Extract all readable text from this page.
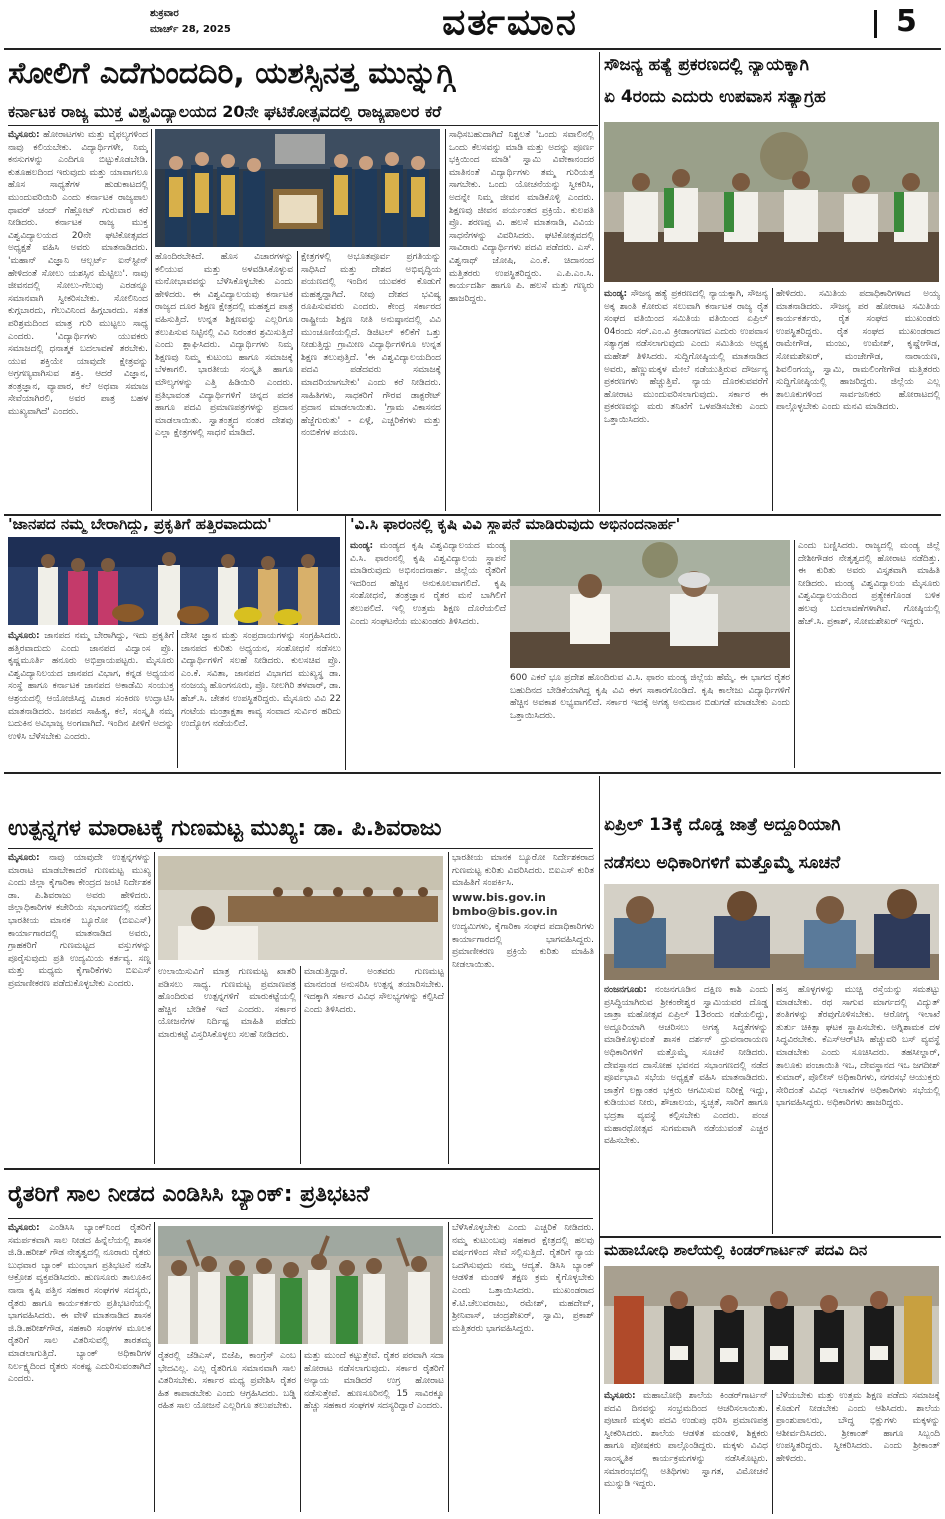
ಶುಕ್ರವಾರ
ಮಾರ್ಚ್ 28, 2025	ವರ್ತಮಾನ	5
ಸೋಲಿಗೆ ಎದೆಗುಂದದಿರಿ, ಯಶಸ್ಸಿನತ್ತ ಮುನ್ನುಗ್ಗಿ
ಕರ್ನಾಟಕ ರಾಜ್ಯ ಮುಕ್ತ ವಿಶ್ವವಿದ್ಯಾಲಯದ 20ನೇ ಘಟಿಕೋತ್ಸವದಲ್ಲಿ ರಾಜ್ಯಪಾಲರ ಕರೆ
ಮೈಸೂರು: ಹೋರಾಟಗಳು ಮತ್ತು ವೈಫಲ್ಯಗಳಿಂದ ನಾವು ಕಲಿಯಬೇಕು. ವಿದ್ಯಾರ್ಥಿಗಳೇ, ನಿಮ್ಮ ಕನಸುಗಳನ್ನು ಎಂದಿಗೂ ಬಿಟ್ಟುಕೊಡಬೇಡಿ. ಕುತೂಹಲದಿಂದ ಇರುವುದು ಮತ್ತು ಯಾವಾಗಲೂ ಹೊಸ ಸಾಧ್ಯತೆಗಳ ಹುಡುಕಾಟದಲ್ಲಿ ಮುಂದುವರಿಯಿರಿ ಎಂದು ಕರ್ನಾಟಕ ರಾಜ್ಯಪಾಲ ಥಾವರ್ ಚಂದ್ ಗೆಹ್ಲೋಟ್ ಗುರುವಾರ ಕರೆ ನೀಡಿದರು. ಕರ್ನಾಟಕ ರಾಜ್ಯ ಮುಕ್ತ ವಿಶ್ವವಿದ್ಯಾಲಯದ 20ನೇ ಘಟಿಕೋತ್ಸವದ ಅಧ್ಯಕ್ಷತೆ ವಹಿಸಿ ಅವರು ಮಾತನಾಡಿದರು. 'ಮಹಾನ್ ವಿಜ್ಞಾನಿ ಆಲ್ಬರ್ಟ್ ಐನ್‌ಸ್ಟೀನ್ ಹೇಳಿದಂತೆ ಸೋಲು ಯಶಸ್ಸಿನ ಮೆಟ್ಟಿಲು'. ನಾವು ಜೀವನದಲ್ಲಿ ಸೋಲು-ಗೆಲುವು ಎರಡನ್ನೂ ಸಮಾನವಾಗಿ ಸ್ವೀಕರಿಸಬೇಕು. ಸೋಲಿನಿಂದ ಕುಗ್ಗಬಾರದು, ಗೆಲುವಿನಿಂದ ಹಿಗ್ಗಬಾರದು. ಸತತ ಪರಿಶ್ರಮದಿಂದ ಮಾತ್ರ ಗುರಿ ಮುಟ್ಟಲು ಸಾಧ್ಯ ಎಂದರು. 'ವಿದ್ಯಾರ್ಥಿಗಳು ಯುವಕರು ಸಮಾಜದಲ್ಲಿ ಧನಾತ್ಮಕ ಬದಲಾವಣೆ ತರಬೇಕು. ಯುವ ಶಕ್ತಿಯೇ ಯಾವುದೇ ಕ್ಷೇತ್ರವನ್ನು ಅಗ್ರಗಣ್ಯವಾಗಿಸುವ ಶಕ್ತಿ. ಆದರೆ ವಿಜ್ಞಾನ, ತಂತ್ರಜ್ಞಾನ, ವ್ಯಾಪಾರ, ಕಲೆ ಅಥವಾ ಸಮಾಜ ಸೇವೆಯಾಗಿರಲಿ, ಅವರ ಪಾತ್ರ ಬಹಳ ಮುಖ್ಯವಾಗಿದೆ' ಎಂದರು.
ಹೊಂದಿರಬೇಕಿದೆ. ಹೊಸ ವಿಚಾರಗಳನ್ನು ಕಲಿಯುವ ಮತ್ತು ಅಳವಡಿಸಿಕೊಳ್ಳುವ ಮನೋಭಾವವನ್ನು ಬೆಳೆಸಿಕೊಳ್ಳಬೇಕು ಎಂದು ಹೇಳಿದರು. ಈ ವಿಶ್ವವಿದ್ಯಾಲಯವು ಕರ್ನಾಟಕ ರಾಜ್ಯದ ದೂರ ಶಿಕ್ಷಣ ಕ್ಷೇತ್ರದಲ್ಲಿ ಮಹತ್ವದ ಪಾತ್ರ ವಹಿಸುತ್ತಿದೆ. ಉನ್ನತ ಶಿಕ್ಷಣವನ್ನು ಎಲ್ಲರಿಗೂ ತಲುಪಿಸುವ ನಿಟ್ಟಿನಲ್ಲಿ ವಿವಿ ನಿರಂತರ ಶ್ರಮಿಸುತ್ತಿದೆ ಎಂದು ಶ್ಲಾಘಿಸಿದರು. ವಿದ್ಯಾರ್ಥಿಗಳು ನಿಮ್ಮ ಶಿಕ್ಷಣವು ನಿಮ್ಮ ಕುಟುಂಬ ಹಾಗೂ ಸಮಾಜಕ್ಕೆ ಬೆಳಕಾಗಲಿ. ಭಾರತೀಯ ಸಂಸ್ಕೃತಿ ಹಾಗೂ ಮೌಲ್ಯಗಳನ್ನು ಎತ್ತಿ ಹಿಡಿಯಿರಿ ಎಂದರು. ಪ್ರತಿಭಾವಂತ ವಿದ್ಯಾರ್ಥಿಗಳಿಗೆ ಚಿನ್ನದ ಪದಕ ಹಾಗೂ ಪದವಿ ಪ್ರಮಾಣಪತ್ರಗಳನ್ನು ಪ್ರದಾನ ಮಾಡಲಾಯಿತು. ಸ್ವಾತಂತ್ರ್ಯದ ನಂತರ ದೇಶವು ಎಲ್ಲಾ ಕ್ಷೇತ್ರಗಳಲ್ಲಿ ಸಾಧನೆ ಮಾಡಿದೆ.
ಕ್ಷೇತ್ರಗಳಲ್ಲಿ ಅಭೂತಪೂರ್ವ ಪ್ರಗತಿಯನ್ನು ಸಾಧಿಸಿದೆ ಮತ್ತು ದೇಶದ ಅಭಿವೃದ್ಧಿಯ ಪಯಣದಲ್ಲಿ ಇಂದಿನ ಯುವಕರ ಕೊಡುಗೆ ಮಹತ್ವದ್ದಾಗಿದೆ. ನೀವು ದೇಶದ ಭವಿಷ್ಯ ರೂಪಿಸುವವರು ಎಂದರು. ಕೇಂದ್ರ ಸರ್ಕಾರದ ರಾಷ್ಟ್ರೀಯ ಶಿಕ್ಷಣ ನೀತಿ ಅನುಷ್ಠಾನದಲ್ಲಿ ವಿವಿ ಮುಂಚೂಣಿಯಲ್ಲಿದೆ. ಡಿಜಿಟಲ್ ಕಲಿಕೆಗೆ ಒತ್ತು ನೀಡುತ್ತಿದ್ದು ಗ್ರಾಮೀಣ ವಿದ್ಯಾರ್ಥಿಗಳಿಗೂ ಉನ್ನತ ಶಿಕ್ಷಣ ತಲುಪುತ್ತಿದೆ. 'ಈ ವಿಶ್ವವಿದ್ಯಾಲಯದಿಂದ ಪದವಿ ಪಡೆದವರು ಸಮಾಜಕ್ಕೆ ಮಾದರಿಯಾಗಬೇಕು' ಎಂದು ಕರೆ ನೀಡಿದರು. ಸಾಹಿತಿಗಳು, ಸಾಧಕರಿಗೆ ಗೌರವ ಡಾಕ್ಟರೇಟ್ ಪ್ರದಾನ ಮಾಡಲಾಯಿತು. 'ಗ್ರಾಮ ವಿಕಾಸನದ ಹೆಜ್ಜೆಗುರುತು' - ಏಳ್ಗೆ, ಎಚ್ಚರಿಕೆಗಳು ಮತ್ತು ನಂಬಿಕೆಗಳ ಪಯಣ.
ಸಾಧಿಸಬಹುದಾಗಿದೆ ನಿಶ್ಚಲತೆ 'ಒಂದು ಸವಾಲಿನಲ್ಲಿ ಒಂದು ಕೆಲಸವನ್ನು ಮಾಡಿ ಮತ್ತು ಅದನ್ನು ಪೂರ್ಣ ಭಕ್ತಿಯಿಂದ ಮಾಡಿ' ಸ್ವಾಮಿ ವಿವೇಕಾನಂದರ ಮಾತಿನಂತೆ ವಿದ್ಯಾರ್ಥಿಗಳು ತಮ್ಮ ಗುರಿಯತ್ತ ಸಾಗಬೇಕು. ಒಂದು ಯೋಚನೆಯನ್ನು ಸ್ವೀಕರಿಸಿ, ಅದನ್ನೇ ನಿಮ್ಮ ಜೀವನ ಮಾಡಿಕೊಳ್ಳಿ ಎಂದರು. ಶಿಕ್ಷಣವು ಜೀವನ ಪರ್ಯಂತದ ಪ್ರಕ್ರಿಯೆ. ಕುಲಪತಿ ಪ್ರೊ. ಶರಣಪ್ಪ ವಿ. ಹಲಸೆ ಮಾತನಾಡಿ, ವಿವಿಯ ಸಾಧನೆಗಳನ್ನು ವಿವರಿಸಿದರು. ಘಟಿಕೋತ್ಸವದಲ್ಲಿ ಸಾವಿರಾರು ವಿದ್ಯಾರ್ಥಿಗಳು ಪದವಿ ಪಡೆದರು. ಎಸ್. ವಿಶ್ವನಾಥ್ ಜೋಷಿ, ಎಂ.ಕೆ. ಚಿದಾನಂದ ಮತ್ತಿತರರು ಉಪಸ್ಥಿತರಿದ್ದರು. ಎ.ಪಿ.ಎಂ.ಸಿ. ಕಾರ್ಯದರ್ಶಿ ಹಾಗೂ ಪಿ. ಹಲಸೆ ಮತ್ತು ಗಣ್ಯರು ಹಾಜರಿದ್ದರು.
ಸೌಜನ್ಯ ಹತ್ಯೆ ಪ್ರಕರಣದಲ್ಲಿ ನ್ಯಾಯಕ್ಕಾಗಿ
ಏ 4ರಂದು ಎದುರು ಉಪವಾಸ ಸತ್ಯಾಗ್ರಹ
ಮಂಡ್ಯ: ಸೌಜನ್ಯ ಹತ್ಯೆ ಪ್ರಕರಣದಲ್ಲಿ ನ್ಯಾಯಕ್ಕಾಗಿ, ಸೌಜನ್ಯ ಅಕ್ಕ ಶಾಂತಿ ಕೋರುವ ಸಲುವಾಗಿ ಕರ್ನಾಟಕ ರಾಜ್ಯ ರೈತ ಸಂಘದ ವತಿಯಿಂದ ಸಮಿತಿಯ ವತಿಯಿಂದ ಏಪ್ರಿಲ್ 04ರಂದು ಸರ್.ಎಂ.ವಿ ಕ್ರೀಡಾಂಗಣದ ಎದುರು ಉಪವಾಸ ಸತ್ಯಾಗ್ರಹ ನಡೆಸಲಾಗುವುದು ಎಂದು ಸಮಿತಿಯ ಅಧ್ಯಕ್ಷ ಮಹೇಶ್ ತಿಳಿಸಿದರು. ಸುದ್ದಿಗೋಷ್ಠಿಯಲ್ಲಿ ಮಾತನಾಡಿದ ಅವರು, ಹೆಣ್ಣುಮಕ್ಕಳ ಮೇಲೆ ನಡೆಯುತ್ತಿರುವ ದೌರ್ಜನ್ಯ ಪ್ರಕರಣಗಳು ಹೆಚ್ಚುತ್ತಿವೆ. ನ್ಯಾಯ ದೊರಕುವವರೆಗೆ ಹೋರಾಟ ಮುಂದುವರಿಸಲಾಗುವುದು. ಸರ್ಕಾರ ಈ ಪ್ರಕರಣವನ್ನು ಮರು ತನಿಖೆಗೆ ಒಳಪಡಿಸಬೇಕು ಎಂದು ಒತ್ತಾಯಿಸಿದರು.
ಹೇಳಿದರು. ಸಮಿತಿಯ ಪದಾಧಿಕಾರಿಗಳಾದ ಅಯ್ಯ ಮಾತನಾಡಿದರು. ಸೌಜನ್ಯ ಪರ ಹೋರಾಟ ಸಮಿತಿಯ ಕಾರ್ಯಕರ್ತರು, ರೈತ ಸಂಘದ ಮುಖಂಡರು ಉಪಸ್ಥಿತರಿದ್ದರು. ರೈತ ಸಂಘದ ಮುಖಂಡರಾದ ರಾಮೇಗೌಡ, ಮಂಜು, ಉಮೇಶ್, ಕೃಷ್ಣೇಗೌಡ, ಸೋಮಶೇಖರ್, ಮಂಜೇಗೌಡ, ನಾರಾಯಣ, ಶಿವಲಿಂಗಯ್ಯ, ಸ್ವಾಮಿ, ರಾಮಲಿಂಗೇಗೌಡ ಮತ್ತಿತರರು ಸುದ್ದಿಗೋಷ್ಠಿಯಲ್ಲಿ ಹಾಜರಿದ್ದರು. ಜಿಲ್ಲೆಯ ಎಲ್ಲ ತಾಲೂಕುಗಳಿಂದ ಸಾರ್ವಜನಿಕರು ಹೋರಾಟದಲ್ಲಿ ಪಾಲ್ಗೊಳ್ಳಬೇಕು ಎಂದು ಮನವಿ ಮಾಡಿದರು.
'ಜಾನಪದ ನಮ್ಮ ಬೇರಾಗಿದ್ದು, ಪ್ರಕೃತಿಗೆ ಹತ್ತಿರವಾದುದು'
ಮೈಸೂರು: ಜಾನಪದ ನಮ್ಮ ಬೇರಾಗಿದ್ದು, ಇದು ಪ್ರಕೃತಿಗೆ ಹತ್ತಿರವಾದುದು ಎಂದು ಜಾನಪದ ವಿದ್ವಾಂಸ ಪ್ರೊ. ಕೃಷ್ಣಮೂರ್ತಿ ಹನೂರು ಅಭಿಪ್ರಾಯಪಟ್ಟರು. ಮೈಸೂರು ವಿಶ್ವವಿದ್ಯಾನಿಲಯದ ಜಾನಪದ ವಿಭಾಗ, ಕನ್ನಡ ಅಧ್ಯಯನ ಸಂಸ್ಥೆ ಹಾಗೂ ಕರ್ನಾಟಕ ಜಾನಪದ ಅಕಾಡೆಮಿ ಸಂಯುಕ್ತ ಆಶ್ರಯದಲ್ಲಿ ಆಯೋಜಿಸಿದ್ದ ವಿಚಾರ ಸಂಕಿರಣ ಉದ್ಘಾಟಿಸಿ ಮಾತನಾಡಿದರು. ಜನಪದ ಸಾಹಿತ್ಯ, ಕಲೆ, ಸಂಸ್ಕೃತಿ ನಮ್ಮ ಬದುಕಿನ ಅವಿಭಾಜ್ಯ ಅಂಗವಾಗಿದೆ. ಇಂದಿನ ಪೀಳಿಗೆ ಅದನ್ನು ಉಳಿಸಿ ಬೆಳೆಸಬೇಕು ಎಂದರು.
ದೇಸೀ ಜ್ಞಾನ ಮತ್ತು ಸಂಪ್ರದಾಯಗಳನ್ನು ಸಂಗ್ರಹಿಸಿದರು. ಜಾನಪದ ಕುರಿತು ಅಧ್ಯಯನ, ಸಂಶೋಧನೆ ನಡೆಸಲು ವಿದ್ಯಾರ್ಥಿಗಳಿಗೆ ಸಲಹೆ ನೀಡಿದರು. ಕುಲಸಚಿವ ಪ್ರೊ. ಎಂ.ಕೆ. ಸವಿತಾ, ಜಾನಪದ ವಿಭಾಗದ ಮುಖ್ಯಸ್ಥ ಡಾ. ನಂಜಯ್ಯ ಹೊಂಗನೂರು, ಪ್ರೊ. ನೀಲಗಿರಿ ತಳವಾರ್, ಡಾ. ಹೆಚ್.ಸಿ. ಚೇತನ ಉಪಸ್ಥಿತರಿದ್ದರು. ಮೈಸೂರು ವಿವಿ 22 ಗಂಟೆಯ ಮಂತ್ರಾಕ್ಷತಾ ಕಾವ್ಯ ಸಂವಾದ ಸುರ್ವಿರ ಹರಿದು ಉದ್ಯೋಗ ನಡೆಯಲಿದೆ.
'ವಿ.ಸಿ ಫಾರಂನಲ್ಲಿ ಕೃಷಿ ವಿವಿ ಸ್ಥಾಪನೆ ಮಾಡಿರುವುದು ಅಭಿನಂದನಾರ್ಹ'
ಮಂಡ್ಯ: ಮಂಡ್ಯದ ಕೃಷಿ ವಿಶ್ವವಿದ್ಯಾಲಯದ ಮಂಡ್ಯ ವಿ.ಸಿ. ಫಾರಂನಲ್ಲಿ ಕೃಷಿ ವಿಶ್ವವಿದ್ಯಾಲಯ ಸ್ಥಾಪನೆ ಮಾಡಿರುವುದು ಅಭಿನಂದನಾರ್ಹ. ಜಿಲ್ಲೆಯ ರೈತರಿಗೆ ಇದರಿಂದ ಹೆಚ್ಚಿನ ಅನುಕೂಲವಾಗಲಿದೆ. ಕೃಷಿ ಸಂಶೋಧನೆ, ತಂತ್ರಜ್ಞಾನ ರೈತರ ಮನೆ ಬಾಗಿಲಿಗೆ ತಲುಪಲಿದೆ. ಇಲ್ಲಿ ಉತ್ತಮ ಶಿಕ್ಷಣ ದೊರೆಯಲಿದೆ ಎಂದು ಸಂಘಟನೆಯ ಮುಖಂಡರು ತಿಳಿಸಿದರು.
600 ಎಕರೆ ಭೂ ಪ್ರದೇಶ ಹೊಂದಿರುವ ವಿ.ಸಿ. ಫಾರಂ ಮಂಡ್ಯ ಜಿಲ್ಲೆಯ ಹೆಮ್ಮೆ. ಈ ಭಾಗದ ರೈತರ ಬಹುದಿನದ ಬೇಡಿಕೆಯಾಗಿದ್ದ ಕೃಷಿ ವಿವಿ ಈಗ ಸಾಕಾರಗೊಂಡಿದೆ. ಕೃಷಿ ಕಾಲೇಜು ವಿದ್ಯಾರ್ಥಿಗಳಿಗೆ ಹೆಚ್ಚಿನ ಅವಕಾಶ ಲಭ್ಯವಾಗಲಿದೆ. ಸರ್ಕಾರ ಇದಕ್ಕೆ ಅಗತ್ಯ ಅನುದಾನ ಬಿಡುಗಡೆ ಮಾಡಬೇಕು ಎಂದು ಒತ್ತಾಯಿಸಿದರು.
ಎಂದು ಬಣ್ಣಿಸಿದರು. ರಾಜ್ಯದಲ್ಲಿ ಮಂಡ್ಯ ಜಿಲ್ಲೆ ದೇಶೀಗೌಡರ ನೇತೃತ್ವದಲ್ಲಿ ಹೋರಾಟ ನಡೆದಿತ್ತು. ಈ ಕುರಿತು ಅವರು ವಿಸ್ತೃತವಾಗಿ ಮಾಹಿತಿ ನೀಡಿದರು. ಮಂಡ್ಯ ವಿಶ್ವವಿದ್ಯಾಲಯ ಮೈಸೂರು ವಿಶ್ವವಿದ್ಯಾಲಯದಿಂದ ಪ್ರತ್ಯೇಕಗೊಂಡ ಬಳಿಕ ಹಲವು ಬದಲಾವಣೆಗಳಾಗಿವೆ. ಗೋಷ್ಠಿಯಲ್ಲಿ ಹೆಚ್.ಸಿ. ಪ್ರಕಾಶ್, ಸೋಮಶೇಖರ್ ಇದ್ದರು.
ಉತ್ಪನ್ನಗಳ ಮಾರಾಟಕ್ಕೆ ಗುಣಮಟ್ಟ ಮುಖ್ಯ: ಡಾ. ಪಿ.ಶಿವರಾಜು
ಮೈಸೂರು: ನಾವು ಯಾವುದೇ ಉತ್ಪನ್ನಗಳನ್ನು ಮಾರಾಟ ಮಾಡಬೇಕಾದರೆ ಗುಣಮಟ್ಟ ಮುಖ್ಯ ಎಂದು ಜಿಲ್ಲಾ ಕೈಗಾರಿಕಾ ಕೇಂದ್ರದ ಜಂಟಿ ನಿರ್ದೇಶಕ ಡಾ. ಪಿ.ಶಿವರಾಜು ಅವರು ಹೇಳಿದರು. ಜಿಲ್ಲಾಧಿಕಾರಿಗಳ ಕಚೇರಿಯ ಸಭಾಂಗಣದಲ್ಲಿ ನಡೆದ ಭಾರತೀಯ ಮಾನಕ ಬ್ಯೂರೋ (ಬಿಐಎಸ್) ಕಾರ್ಯಾಗಾರದಲ್ಲಿ ಮಾತನಾಡಿದ ಅವರು, ಗ್ರಾಹಕರಿಗೆ ಗುಣಮಟ್ಟದ ವಸ್ತುಗಳನ್ನು ಪೂರೈಸುವುದು ಪ್ರತಿ ಉದ್ಯಮಿಯ ಕರ್ತವ್ಯ. ಸಣ್ಣ ಮತ್ತು ಮಧ್ಯಮ ಕೈಗಾರಿಕೆಗಳು ಬಿಐಎಸ್ ಪ್ರಮಾಣೀಕರಣ ಪಡೆದುಕೊಳ್ಳಬೇಕು ಎಂದರು.
ಉಲಾಯಿಸುವಿಗೆ ಮಾತ್ರ ಗುಣಮಟ್ಟ ಖಾತರಿ ಪಡಿಸಲು ಸಾಧ್ಯ. ಗುಣಮಟ್ಟ ಪ್ರಮಾಣಪತ್ರ ಹೊಂದಿರುವ ಉತ್ಪನ್ನಗಳಿಗೆ ಮಾರುಕಟ್ಟೆಯಲ್ಲಿ ಹೆಚ್ಚಿನ ಬೇಡಿಕೆ ಇದೆ ಎಂದರು. ಸರ್ಕಾರ ಯೋಜನೆಗಳ ನಿರ್ದಿಷ್ಟ ಮಾಹಿತಿ ಪಡೆದು ಮಾರುಕಟ್ಟೆ ವಿಸ್ತರಿಸಿಕೊಳ್ಳಲು ಸಲಹೆ ನೀಡಿದರು.
ಮಾಡುತ್ತಿದ್ದಾರೆ. ಅಂತವರು ಗುಣಮಟ್ಟ ಮಾನದಂಡ ಅನುಸರಿಸಿ ಉತ್ಪನ್ನ ತಯಾರಿಸಬೇಕು. ಇದಕ್ಕಾಗಿ ಸರ್ಕಾರ ವಿವಿಧ ಸೌಲಭ್ಯಗಳನ್ನು ಕಲ್ಪಿಸಿದೆ ಎಂದು ತಿಳಿಸಿದರು.
ಭಾರತೀಯ ಮಾನಕ ಬ್ಯೂರೋ ನಿರ್ದೇಶಕರಾದ ಗುಣಮಟ್ಟ ಕುರಿತು ವಿವರಿಸಿದರು. ಬಿಐಎಸ್ ಕುರಿತ ಮಾಹಿತಿಗೆ ಸಂಪರ್ಕಿಸಿ.
www.bis.gov.in
bmbo@bis.gov.in
ಉದ್ಯಮಿಗಳು, ಕೈಗಾರಿಕಾ ಸಂಘದ ಪದಾಧಿಕಾರಿಗಳು ಕಾರ್ಯಾಗಾರದಲ್ಲಿ ಭಾಗವಹಿಸಿದ್ದರು. ಪ್ರಮಾಣೀಕರಣ ಪ್ರಕ್ರಿಯೆ ಕುರಿತು ಮಾಹಿತಿ ನೀಡಲಾಯಿತು.
ಏಪ್ರಿಲ್ 13ಕ್ಕೆ ದೊಡ್ಡ ಜಾತ್ರೆ ಅದ್ದೂರಿಯಾಗಿ
ನಡೆಸಲು ಅಧಿಕಾರಿಗಳಿಗೆ ಮತ್ತೊಮ್ಮೆ ಸೂಚನೆ
ನಂಜನಗೂಡು: ನಂಜನಗೂಡಿನ ದಕ್ಷಿಣ ಕಾಶಿ ಎಂದು ಪ್ರಸಿದ್ಧಿಯಾಗಿರುವ ಶ್ರೀಕಂಠೇಶ್ವರ ಸ್ವಾಮಿಯವರ ದೊಡ್ಡ ಜಾತ್ರಾ ಮಹೋತ್ಸವ ಏಪ್ರಿಲ್ 13ರಂದು ನಡೆಯಲಿದ್ದು, ಅದ್ದೂರಿಯಾಗಿ ಆಚರಿಸಲು ಅಗತ್ಯ ಸಿದ್ಧತೆಗಳನ್ನು ಮಾಡಿಕೊಳ್ಳುವಂತೆ ಶಾಸಕ ದರ್ಶನ್ ಧ್ರುವನಾರಾಯಣ ಅಧಿಕಾರಿಗಳಿಗೆ ಮತ್ತೊಮ್ಮೆ ಸೂಚನೆ ನೀಡಿದರು. ದೇವಸ್ಥಾನದ ದಾಸೋಹ ಭವನದ ಸಭಾಂಗಣದಲ್ಲಿ ನಡೆದ ಪೂರ್ವಭಾವಿ ಸಭೆಯ ಅಧ್ಯಕ್ಷತೆ ವಹಿಸಿ ಮಾತನಾಡಿದರು. ಜಾತ್ರೆಗೆ ಲಕ್ಷಾಂತರ ಭಕ್ತರು ಆಗಮಿಸುವ ನಿರೀಕ್ಷೆ ಇದ್ದು, ಕುಡಿಯುವ ನೀರು, ಶೌಚಾಲಯ, ಸ್ವಚ್ಛತೆ, ಸಾರಿಗೆ ಹಾಗೂ ಭದ್ರತಾ ವ್ಯವಸ್ಥೆ ಕಲ್ಪಿಸಬೇಕು ಎಂದರು. ಪಂಚ ಮಹಾರಥೋತ್ಸವ ಸುಗಮವಾಗಿ ನಡೆಯುವಂತೆ ಎಚ್ಚರ ವಹಿಸಬೇಕು.
ಹಸ್ತ ಹೊಳ್ಳಗಳನ್ನು ಮುಚ್ಚಿ ರಸ್ತೆಯನ್ನು ಸಮತಟ್ಟು ಮಾಡಬೇಕು. ರಥ ಸಾಗುವ ಮಾರ್ಗದಲ್ಲಿ ವಿದ್ಯುತ್ ತಂತಿಗಳನ್ನು ತೆರವುಗೊಳಿಸಬೇಕು. ಆರೋಗ್ಯ ಇಲಾಖೆ ತುರ್ತು ಚಿಕಿತ್ಸಾ ಘಟಕ ಸ್ಥಾಪಿಸಬೇಕು. ಅಗ್ನಿಶಾಮಕ ದಳ ಸಿದ್ಧವಿರಬೇಕು. ಕೆಎಸ್ಆರ್‌ಟಿಸಿ ಹೆಚ್ಚುವರಿ ಬಸ್ ವ್ಯವಸ್ಥೆ ಮಾಡಬೇಕು ಎಂದು ಸೂಚಿಸಿದರು. ತಹಸೀಲ್ದಾರ್, ತಾಲೂಕು ಪಂಚಾಯಿತಿ ಇಒ, ದೇವಸ್ಥಾನದ ಇಒ ಜಗದೀಶ್ ಕುಮಾರ್, ಪೊಲೀಸ್ ಅಧಿಕಾರಿಗಳು, ನಗರಸಭೆ ಆಯುಕ್ತರು ಸೇರಿದಂತೆ ವಿವಿಧ ಇಲಾಖೆಗಳ ಅಧಿಕಾರಿಗಳು ಸಭೆಯಲ್ಲಿ ಭಾಗವಹಿಸಿದ್ದರು. ಅಧಿಕಾರಿಗಳು ಹಾಜರಿದ್ದರು.
ರೈತರಿಗೆ ಸಾಲ ನೀಡದ ಎಂಡಿಸಿಸಿ ಬ್ಯಾಂಕ್: ಪ್ರತಿಭಟನೆ
ಮೈಸೂರು: ಎಂಡಿಸಿಸಿ ಬ್ಯಾಂಕ್‌ನಿಂದ ರೈತರಿಗೆ ಸಮರ್ಪಕವಾಗಿ ಸಾಲ ನೀಡದ ಹಿನ್ನೆಲೆಯಲ್ಲಿ ಶಾಸಕ ಜಿ.ಡಿ.ಹರೀಶ್ ಗೌಡ ನೇತೃತ್ವದಲ್ಲಿ ನೂರಾರು ರೈತರು ಬುಧವಾರ ಬ್ಯಾಂಕ್ ಮುಂಭಾಗ ಪ್ರತಿಭಟನೆ ನಡೆಸಿ ಆಕ್ರೋಶ ವ್ಯಕ್ತಪಡಿಸಿದರು. ಹುಣಸೂರು ತಾಲೂಕಿನ ನಾನಾ ಕೃಷಿ ಪತ್ತಿನ ಸಹಕಾರ ಸಂಘಗಳ ಸದಸ್ಯರು, ರೈತರು ಹಾಗೂ ಕಾರ್ಯಕರ್ತರು ಪ್ರತಿಭಟನೆಯಲ್ಲಿ ಭಾಗವಹಿಸಿದರು. ಈ ವೇಳೆ ಮಾತನಾಡಿದ ಶಾಸಕ ಜಿ.ಡಿ.ಹರೀಶ್‌ಗೌಡ, ಸಹಕಾರಿ ಸಂಘಗಳ ಮೂಲಕ ರೈತರಿಗೆ ಸಾಲ ವಿತರಿಸುವಲ್ಲಿ ತಾರತಮ್ಯ ಮಾಡಲಾಗುತ್ತಿದೆ. ಬ್ಯಾಂಕ್ ಅಧಿಕಾರಿಗಳ ನಿರ್ಲಕ್ಷ್ಯದಿಂದ ರೈತರು ಸಂಕಷ್ಟ ಎದುರಿಸುವಂತಾಗಿದೆ ಎಂದರು.
ರೈತರಲ್ಲಿ ಜೆಡಿಎಸ್, ಬಿಜೆಪಿ, ಕಾಂಗ್ರೆಸ್ ಎಂಬ ಭೇದವಿಲ್ಲ. ಎಲ್ಲ ರೈತರಿಗೂ ಸಮಾನವಾಗಿ ಸಾಲ ವಿತರಿಸಬೇಕು. ಸರ್ಕಾರ ಮಧ್ಯ ಪ್ರವೇಶಿಸಿ ರೈತರ ಹಿತ ಕಾಪಾಡಬೇಕು ಎಂದು ಆಗ್ರಹಿಸಿದರು. ಬಡ್ಡಿ ರಹಿತ ಸಾಲ ಯೋಜನೆ ಎಲ್ಲರಿಗೂ ತಲುಪಬೇಕು.
ಮತ್ತು ಮುಂದೆ ಕಟ್ಟುತ್ತೇವೆ. ರೈತರ ಪರವಾಗಿ ಸದಾ ಹೋರಾಟ ನಡೆಸಲಾಗುವುದು. ಸರ್ಕಾರ ರೈತರಿಗೆ ಅನ್ಯಾಯ ಮಾಡಿದರೆ ಉಗ್ರ ಹೋರಾಟ ನಡೆಸುತ್ತೇವೆ. ಹುಣಸೂರಿನಲ್ಲಿ 15 ಸಾವಿರಕ್ಕೂ ಹೆಚ್ಚು ಸಹಕಾರ ಸಂಘಗಳ ಸದಸ್ಯರಿದ್ದಾರೆ ಎಂದರು.
ಬೆಳೆಸಿಕೊಳ್ಳಬೇಕು ಎಂದು ಎಚ್ಚರಿಕೆ ನೀಡಿದರು. ನಮ್ಮ ಕುಟುಂಬವು ಸಹಕಾರ ಕ್ಷೇತ್ರದಲ್ಲಿ ಹಲವು ವರ್ಷಗಳಿಂದ ಸೇವೆ ಸಲ್ಲಿಸುತ್ತಿದೆ. ರೈತರಿಗೆ ನ್ಯಾಯ ಒದಗಿಸುವುದು ನಮ್ಮ ಆದ್ಯತೆ. ಡಿಸಿಸಿ ಬ್ಯಾಂಕ್ ಆಡಳಿತ ಮಂಡಳಿ ತಕ್ಷಣ ಕ್ರಮ ಕೈಗೊಳ್ಳಬೇಕು ಎಂದು ಒತ್ತಾಯಿಸಿದರು. ಮುಖಂಡರಾದ ಕೆ.ಟಿ.ಚೆಲುವರಾಜು, ರಮೇಶ್, ಮಹದೇವ್, ಶ್ರೀನಿವಾಸ್, ಚಂದ್ರಶೇಖರ್, ಸ್ವಾಮಿ, ಪ್ರಕಾಶ್ ಮತ್ತಿತರರು ಭಾಗವಹಿಸಿದ್ದರು.
ಮಹಾಬೋಧಿ ಶಾಲೆಯಲ್ಲಿ ಕಿಂಡರ್‌ಗಾರ್ಟನ್ ಪದವಿ ದಿನ
ಮೈಸೂರು: ಮಹಾಬೋಧಿ ಶಾಲೆಯ ಕಿಂಡರ್‌ಗಾರ್ಟನ್ ಪದವಿ ದಿನವನ್ನು ಸಂಭ್ರಮದಿಂದ ಆಚರಿಸಲಾಯಿತು. ಪುಟಾಣಿ ಮಕ್ಕಳು ಪದವಿ ಉಡುಪು ಧರಿಸಿ ಪ್ರಮಾಣಪತ್ರ ಸ್ವೀಕರಿಸಿದರು. ಶಾಲೆಯ ಆಡಳಿತ ಮಂಡಳಿ, ಶಿಕ್ಷಕರು ಹಾಗೂ ಪೋಷಕರು ಪಾಲ್ಗೊಂಡಿದ್ದರು. ಮಕ್ಕಳು ವಿವಿಧ ಸಾಂಸ್ಕೃತಿಕ ಕಾರ್ಯಕ್ರಮಗಳನ್ನು ನಡೆಸಿಕೊಟ್ಟರು. ಸಮಾರಂಭದಲ್ಲಿ ಅತಿಥಿಗಳು ಸ್ವಾಗತ, ವಿಮೋಚನೆ ಮುನ್ನುಡಿ ಇದ್ದರು.
ಬೆಳೆಯಬೇಕು ಮತ್ತು ಉತ್ತಮ ಶಿಕ್ಷಣ ಪಡೆದು ಸಮಾಜಕ್ಕೆ ಕೊಡುಗೆ ನೀಡಬೇಕು ಎಂದು ಆಶಿಸಿದರು. ಶಾಲೆಯ ಪ್ರಾಂಶುಪಾಲರು, ಬೌದ್ಧ ಭಿಕ್ಷುಗಳು ಮಕ್ಕಳನ್ನು ಆಶೀರ್ವದಿಸಿದರು. ಶ್ರೀಕಾಂತ್ ಹಾಗೂ ಸಿಬ್ಬಂದಿ ಉಪಸ್ಥಿತರಿದ್ದರು. ಸ್ವೀಕರಿಸಿದರು. ಎಂದು ಶ್ರೀಕಾಂತ್ ಹೇಳಿದರು.
